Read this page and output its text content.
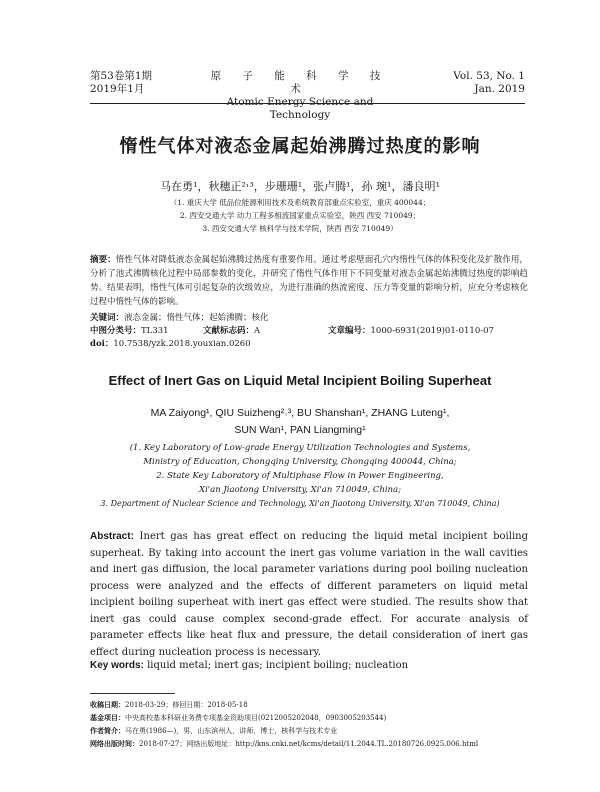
第53卷第1期
2019年1月
原 子 能 科 学 技 术
Atomic Energy Science and Technology
Vol. 53, No. 1
Jan. 2019
惰性气体对液态金属起始沸腾过热度的影响
马在勇¹，秋穗正²˒³，步珊珊¹，张卢腾¹，孙 琬¹，潘良明¹
（1. 重庆大学 低品位能源利用技术及系统教育部重点实验室，重庆 400044；
2. 西安交通大学 动力工程多相流国家重点实验室，陕西 西安 710049；
3. 西安交通大学 核科学与技术学院，陕西 西安 710049）
摘要：惰性气体对降低液态金属起始沸腾过热度有重要作用。通过考虑壁面孔穴内惰性气体的体积变化及扩散作用，分析了池式沸腾核化过程中局部参数的变化，并研究了惰性气体作用下不同变量对液态金属起始沸腾过热度的影响趋势。结果表明，惰性气体可引起复杂的次级效应，为进行准确的热流密度、压力等变量的影响分析，应充分考虑核化过程中惰性气体的影响。
关键词：液态金属；惰性气体；起始沸腾；核化
中图分类号：TL331	文献标志码：A	文章编号：1000-6931(2019)01-0110-07
doi：10.7538/yzk.2018.youxian.0260
Effect of Inert Gas on Liquid Metal Incipient Boiling Superheat
MA Zaiyong¹, QIU Suizheng²˒³, BU Shanshan¹, ZHANG Luteng¹,
SUN Wan¹, PAN Liangming¹
(1. Key Laboratory of Low-grade Energy Utilization Technologies and Systems,
Ministry of Education, Chongqing University, Chongqing 400044, China;
2. State Key Laboratory of Multiphase Flow in Power Engineering,
Xi'an Jiaotong University, Xi'an 710049, China;
3. Department of Nuclear Science and Technology, Xi'an Jiaotong University, Xi'an 710049, China)
Abstract: Inert gas has great effect on reducing the liquid metal incipient boiling superheat. By taking into account the inert gas volume variation in the wall cavities and inert gas diffusion, the local parameter variations during pool boiling nucleation process were analyzed and the effects of different parameters on liquid metal incipient boiling superheat with inert gas effect were studied. The results show that inert gas could cause complex second-grade effect. For accurate analysis of parameter effects like heat flux and pressure, the detail consideration of inert gas effect during nucleation process is necessary.
Key words: liquid metal; inert gas; incipient boiling; nucleation
收稿日期：2018-03-29；修回日期：2018-05-18
基金项目：中央高校基本科研业务费专项基金资助项目(0212005202048，0903005203544)
作者简介：马在勇(1986—)，男，山东滨州人，讲师，博士，核科学与技术专业
网络出版时间：2018-07-27；网络出版地址：http://kns.cnki.net/kcms/detail/11.2044.TL.20180726.0925.006.html
